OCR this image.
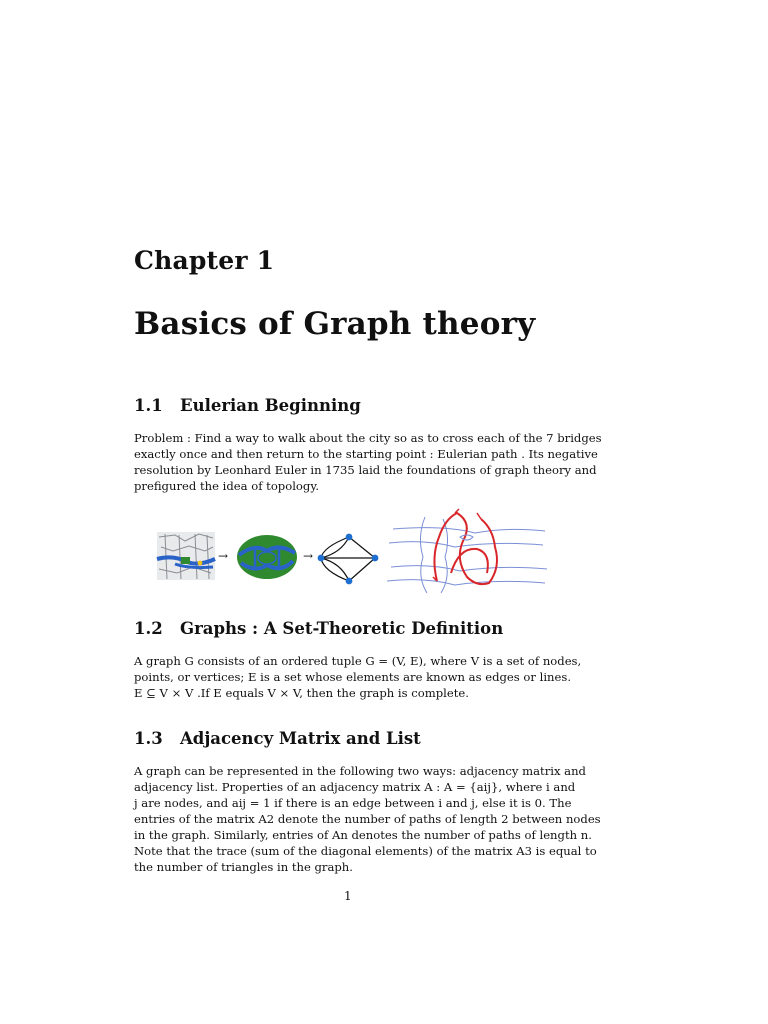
Chapter 1
Basics of Graph theory
1.1 Eulerian Beginning
Problem : Find a way to walk about the city so as to cross each of the 7 bridges
exactly once and then return to the starting point : Eulerian path . Its negative
resolution by Leonhard Euler in 1735 laid the foundations of graph theory and
prefigured the idea of topology.
→	→
1.2 Graphs : A Set-Theoretic Definition
A graph G consists of an ordered tuple G = (V, E), where V is a set of nodes,
points, or vertices; E is a set whose elements are known as edges or lines.
E ⊆ V × V .If E equals V × V, then the graph is complete.
1.3 Adjacency Matrix and List
A graph can be represented in the following two ways: adjacency matrix and
adjacency list. Properties of an adjacency matrix A : A = {aij}, where i and
j are nodes, and aij = 1 if there is an edge between i and j, else it is 0. The
entries of the matrix A2 denote the number of paths of length 2 between nodes
in the graph. Similarly, entries of An denotes the number of paths of length n.
Note that the trace (sum of the diagonal elements) of the matrix A3 is equal to
the number of triangles in the graph.
1
